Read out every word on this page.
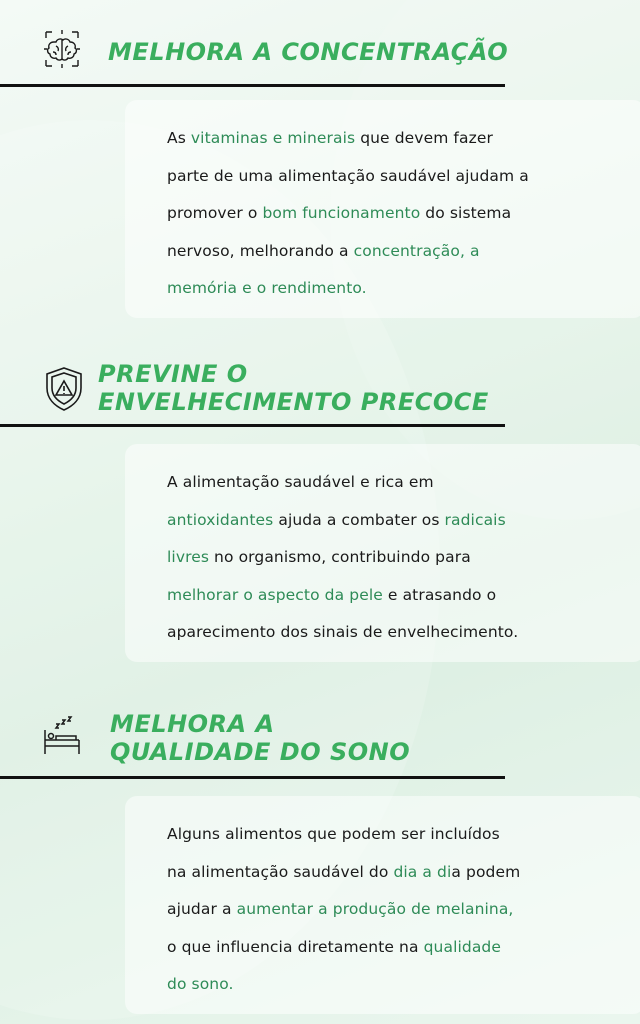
MELHORA A CONCENTRAÇÃO
As vitaminas e minerais que devem fazer
parte de uma alimentação saudável ajudam a
promover o bom funcionamento do sistema
nervoso, melhorando a concentração, a
memória e o rendimento.
PREVINE O
ENVELHECIMENTO PRECOCE
A alimentação saudável e rica em
antioxidantes ajuda a combater os radicais
livres no organismo, contribuindo para
melhorar o aspecto da pele e atrasando o
aparecimento dos sinais de envelhecimento.
MELHORA A
QUALIDADE DO SONO
Alguns alimentos que podem ser incluídos
na alimentação saudável do dia a dia podem
ajudar a aumentar a produção de melanina,
o que influencia diretamente na qualidade
do sono.
